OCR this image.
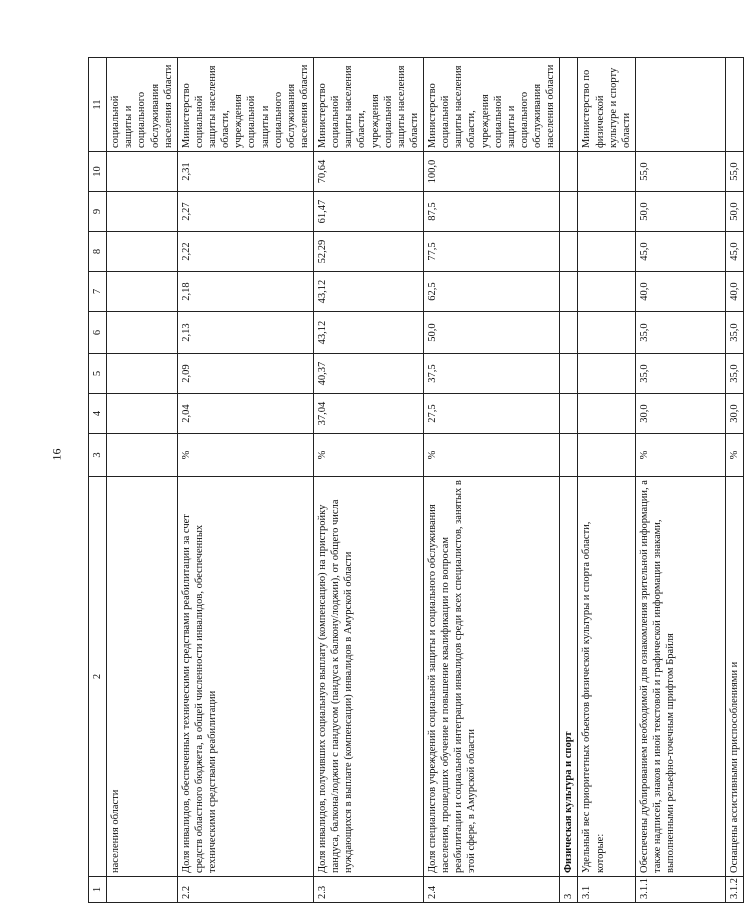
16
1	2	3	4	5	6	7	8	9	10	11
	населения области									социальной защиты и социального обслуживания населения области
2.2	Доля инвалидов, обеспеченных техническими средствами реабилитации за счет средств областного бюджета, в общей численности инвалидов, обеспеченных техническими средствами реабилитации	%	2,04	2,09	2,13	2,18	2,22	2,27	2,31	Министерство социальной защиты населения области, учреждения социальной защиты и социального обслуживания населения области
2.3	Доля инвалидов, получивших социальную выплату (компенсацию) на пристройку пандуса, балкона/лоджии с пандусом (пандуса к балкону/лоджии), от общего числа нуждающихся в выплате (компенсации) инвалидов в Амурской области	%	37,04	40,37	43,12	43,12	52,29	61,47	70,64	Министерство социальной защиты населения области, учреждения социальной защиты населения области
2.4	Доля специалистов учреждений социальной защиты и социального обслуживания населения, прошедших обучение и повышение квалификации по вопросам реабилитации и социальной интеграции инвалидов среди всех специалистов, занятых в этой сфере, в Амурской области	%	27,5	37,5	50,0	62,5	77,5	87,5	100,0	Министерство социальной защиты населения области, учреждения социальной защиты и социального обслуживания населения области
3	Физическая культура и спорт									
3.1	Удельный вес приоритетных объектов физической культуры и спорта области, которые:									Министерство по физической культуре и спорту области
3.1.1	Обеспечены дублированием необходимой для ознакомления зрительной информации, а также надписей, знаков и иной текстовой и графической информации знаками, выполненными рельефно-точечным шрифтом Брайля	%	30,0	35,0	35,0	40,0	45,0	50,0	55,0	
3.1.2	Оснащены ассистивными приспособлениями и	%	30,0	35,0	35,0	40,0	45,0	50,0	55,0	
